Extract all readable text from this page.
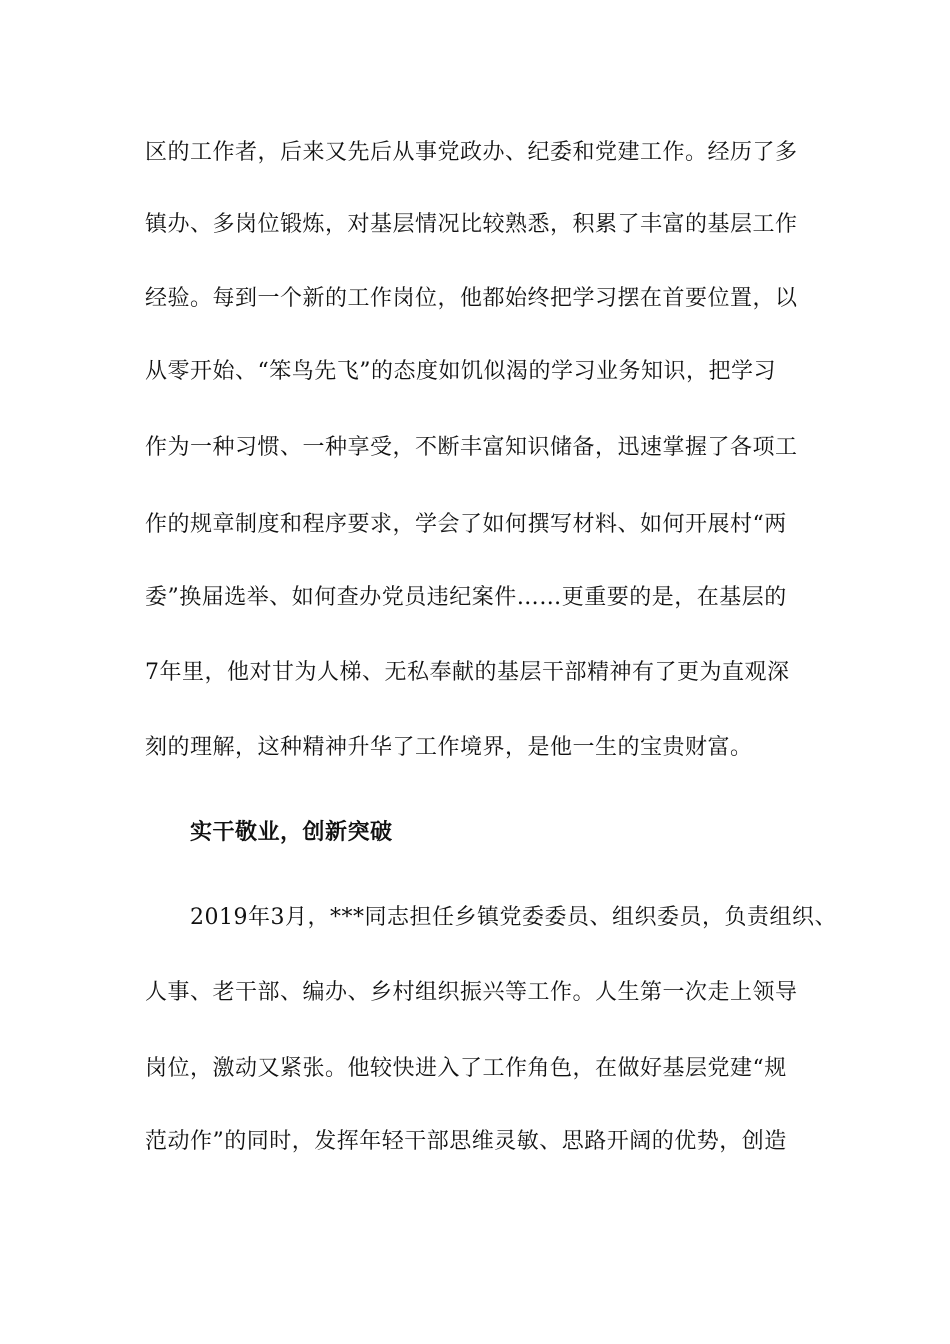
区的工作者，后来又先后从事党政办、纪委和党建工作。经历了多
镇办、多岗位锻炼，对基层情况比较熟悉，积累了丰富的基层工作
经验。每到一个新的工作岗位，他都始终把学习摆在首要位置，以
从零开始、“笨鸟先飞”的态度如饥似渴的学习业务知识，把学习
作为一种习惯、一种享受，不断丰富知识储备，迅速掌握了各项工
作的规章制度和程序要求，学会了如何撰写材料、如何开展村“两
委”换届选举、如何查办党员违纪案件……更重要的是，在基层的
7年里，他对甘为人梯、无私奉献的基层干部精神有了更为直观深
刻的理解，这种精神升华了工作境界，是他一生的宝贵财富。
实干敬业，创新突破
2019年3月，***同志担任乡镇党委委员、组织委员，负责组织、
人事、老干部、编办、乡村组织振兴等工作。人生第一次走上领导
岗位，激动又紧张。他较快进入了工作角色，在做好基层党建“规
范动作”的同时，发挥年轻干部思维灵敏、思路开阔的优势，创造
